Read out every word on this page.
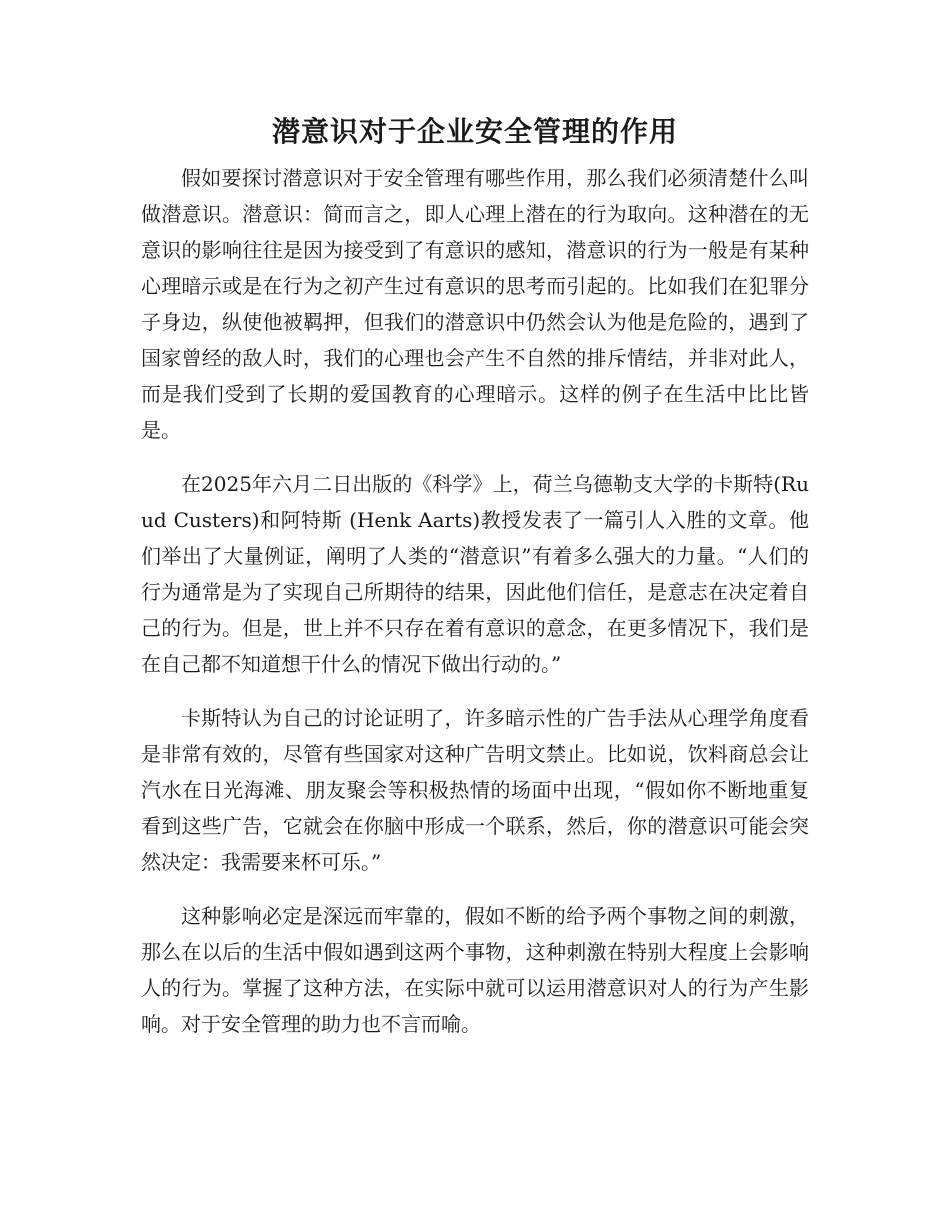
潜意识对于企业安全管理的作用

假如要探讨潜意识对于安全管理有哪些作用，那么我们必须清楚什么叫做潜意识。潜意识：简而言之，即人心理上潜在的行为取向。这种潜在的无意识的影响往往是因为接受到了有意识的感知，潜意识的行为一般是有某种心理暗示或是在行为之初产生过有意识的思考而引起的。比如我们在犯罪分子身边，纵使他被羁押，但我们的潜意识中仍然会认为他是危险的，遇到了国家曾经的敌人时，我们的心理也会产生不自然的排斥情结，并非对此人，而是我们受到了长期的爱国教育的心理暗示。这样的例子在生活中比比皆是。

在2025年六月二日出版的《科学》上，荷兰乌德勒支大学的卡斯特(Ruud Custers)和阿特斯 (Henk Aarts)教授发表了一篇引人入胜的文章。他们举出了大量例证，阐明了人类的“潜意识”有着多么强大的力量。“人们的行为通常是为了实现自己所期待的结果，因此他们信任，是意志在决定着自己的行为。但是，世上并不只存在着有意识的意念，在更多情况下，我们是在自己都不知道想干什么的情况下做出行动的。”

卡斯特认为自己的讨论证明了，许多暗示性的广告手法从心理学角度看是非常有效的，尽管有些国家对这种广告明文禁止。比如说，饮料商总会让汽水在日光海滩、朋友聚会等积极热情的场面中出现，“假如你不断地重复看到这些广告，它就会在你脑中形成一个联系，然后，你的潜意识可能会突然决定：我需要来杯可乐。”

这种影响必定是深远而牢靠的，假如不断的给予两个事物之间的刺激，那么在以后的生活中假如遇到这两个事物，这种刺激在特别大程度上会影响人的行为。掌握了这种方法，在实际中就可以运用潜意识对人的行为产生影响。对于安全管理的助力也不言而喻。
